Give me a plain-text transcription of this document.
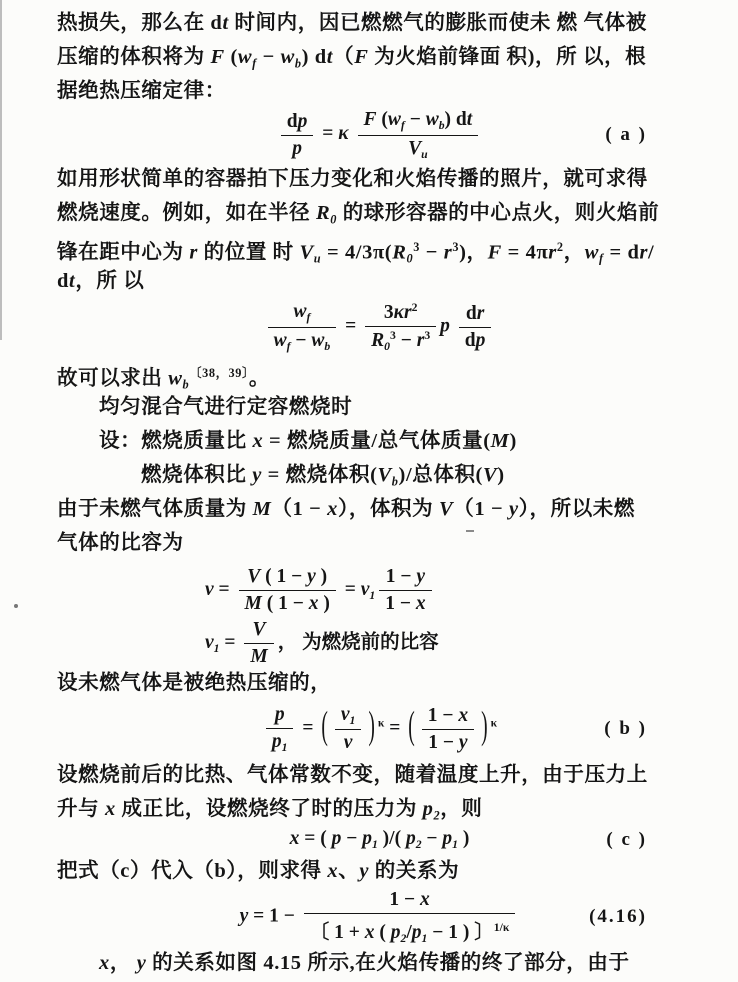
热损失，那么在 dt 时间内，因已燃燃气的膨胀而使未 燃 气体被
压缩的体积将为 F $(w_f - w_b)$ dt（F 为火焰前锋面 积)，所 以，根
据绝热压缩定律：
$\frac{dp}{p} = \kappa \frac{F (w_f - w_b) dt}{V_u}$	( a )
如用形状简单的容器拍下压力变化和火焰传播的照片，就可求得
燃烧速度。例如，如在半径 $R_0$ 的球形容器的中心点火，则火焰前
锋在距中心为 r 的位置 时 $V_u = 4/3\pi(R_0^3 - r^3)$，$F = 4\pi r^2$，$w_f = dr/$
dt，所 以
$\frac{w_f}{w_f - w_b} = \frac{3\kappa r^2}{R_0^3 - r^3}$ p $\frac{dr}{dp}$
故可以求出 $w_b^{〔38,39〕}$。
均匀混合气进行定容燃烧时
设：燃烧质量比 x = 燃烧质量/总气体质量(M)
燃烧体积比 y = 燃烧体积$(V_b)/$总体积(V)
由于未燃气体质量为 M（1 − x），体积为 V（1 − y），所以未燃
气体的比容为
$v = \frac{V ( 1 - y )}{M ( 1 - x )} = v_1 \frac{1 - y}{1 - x}$
$v_1 = \frac{V}{M}$ ， 为燃烧前的比容
设未燃气体是被绝热压缩的，
$\frac{p}{p_1}$ = ( $\frac{v_1}{v}$ ) $^\kappa$ = ( $\frac{1 - x}{1 - y}$ ) $^\kappa$	( b )
设燃烧前后的比热、气体常数不变，随着温度上升，由于压力上
升与 x 成正比，设燃烧终了时的压力为 $p_2$，则
x = ( $p - p_1$ )/( $p_2 - p_1$ )	( c )
把式（c）代入（b），则求得 x、y 的关系为
$y = 1 - \frac{1 - x}{〔 1 + x ( p_2/p_1 - 1 ) 〕^{1/\kappa}}$	(4.16)
x， y 的关系如图 4.15 所示,在火焰传播的终了部分，由于
